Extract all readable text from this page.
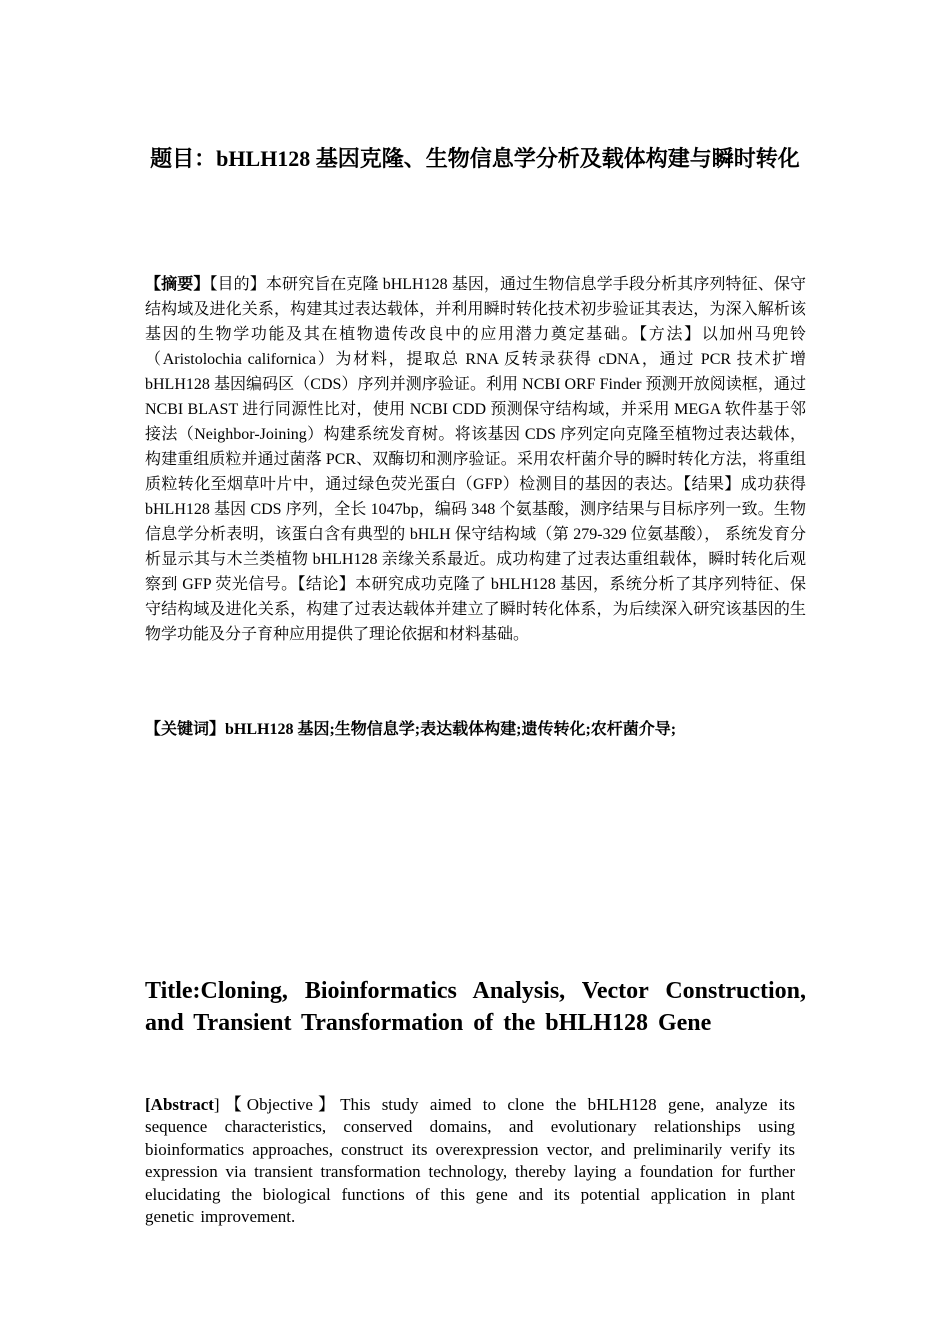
题目：bHLH128 基因克隆、生物信息学分析及载体构建与瞬时转化
【摘要】【目的】本研究旨在克隆 bHLH128 基因，通过生物信息学手段分析其序列特征、保守结构域及进化关系，构建其过表达载体，并利用瞬时转化技术初步验证其表达，为深入解析该基因的生物学功能及其在植物遗传改良中的应用潜力奠定基础。【方法】以加州马兜铃（Aristolochia californica）为材料，提取总 RNA 反转录获得 cDNA，通过 PCR 技术扩增 bHLH128 基因编码区（CDS）序列并测序验证。利用 NCBI ORF Finder 预测开放阅读框，通过 NCBI BLAST 进行同源性比对，使用 NCBI CDD 预测保守结构域，并采用 MEGA 软件基于邻接法（Neighbor-Joining）构建系统发育树。将该基因 CDS 序列定向克隆至植物过表达载体，构建重组质粒并通过菌落 PCR、双酶切和测序验证。采用农杆菌介导的瞬时转化方法，将重组质粒转化至烟草叶片中，通过绿色荧光蛋白（GFP）检测目的基因的表达。【结果】成功获得 bHLH128 基因 CDS 序列，全长 1047bp，编码 348 个氨基酸，测序结果与目标序列一致。生物信息学分析表明，该蛋白含有典型的 bHLH 保守结构域（第 279-329 位氨基酸）， 系统发育分析显示其与木兰类植物 bHLH128 亲缘关系最近。成功构建了过表达重组载体，瞬时转化后观察到 GFP 荧光信号。【结论】本研究成功克隆了 bHLH128 基因，系统分析了其序列特征、保守结构域及进化关系，构建了过表达载体并建立了瞬时转化体系，为后续深入研究该基因的生物学功能及分子育种应用提供了理论依据和材料基础。
【关键词】bHLH128 基因;生物信息学;表达载体构建;遗传转化;农杆菌介导;
Title:Cloning, Bioinformatics Analysis, Vector Construction, and Transient Transformation of the bHLH128 Gene
[Abstract]【Objective】This study aimed to clone the bHLH128 gene, analyze its sequence characteristics, conserved domains, and evolutionary relationships using bioinformatics approaches, construct its overexpression vector, and preliminarily verify its expression via transient transformation technology, thereby laying a foundation for further elucidating the biological functions of this gene and its potential application in plant genetic improvement.
